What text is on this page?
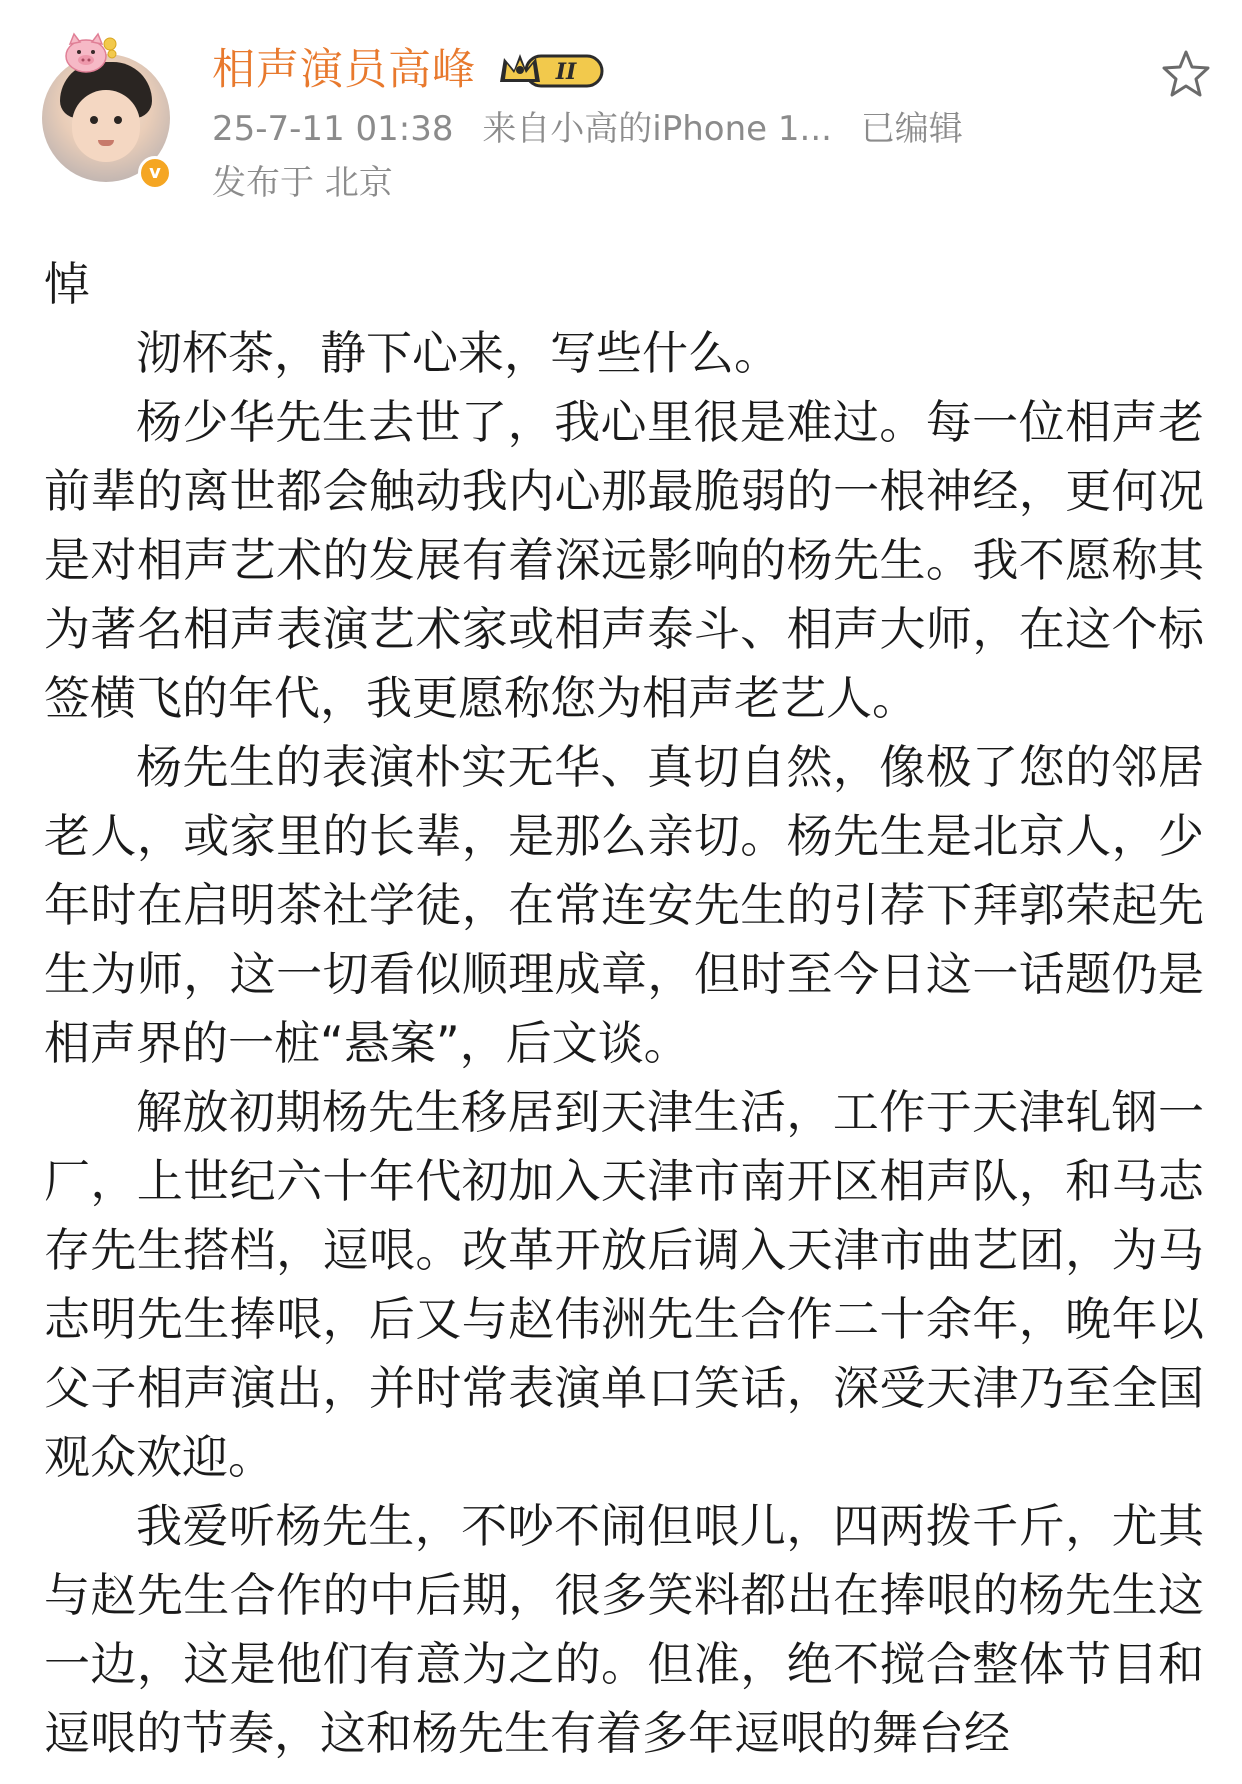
v
相声演员高峰	II
25-7-11 01:38 来自小高的iPhone 1... 已编辑
发布于 北京

悼

沏杯茶，静下心来，写些什么。

杨少华先生去世了，我心里很是难过。每一位相声老前辈的离世都会触动我内心那最脆弱的一根神经，更何况是对相声艺术的发展有着深远影响的杨先生。我不愿称其为著名相声表演艺术家或相声泰斗、相声大师，在这个标签横飞的年代，我更愿称您为相声老艺人。

杨先生的表演朴实无华、真切自然，像极了您的邻居老人，或家里的长辈，是那么亲切。杨先生是北京人，少年时在启明茶社学徒，在常连安先生的引荐下拜郭荣起先生为师，这一切看似顺理成章，但时至今日这一话题仍是相声界的一桩“悬案”，后文谈。

解放初期杨先生移居到天津生活，工作于天津轧钢一厂，上世纪六十年代初加入天津市南开区相声队，和马志存先生搭档，逗哏。改革开放后调入天津市曲艺团，为马志明先生捧哏，后又与赵伟洲先生合作二十余年，晚年以父子相声演出，并时常表演单口笑话，深受天津乃至全国观众欢迎。

我爱听杨先生，不吵不闹但哏儿，四两拨千斤，尤其与赵先生合作的中后期，很多笑料都出在捧哏的杨先生这一边，这是他们有意为之的。但准，绝不搅合整体节目和逗哏的节奏，这和杨先生有着多年逗哏的舞台经
